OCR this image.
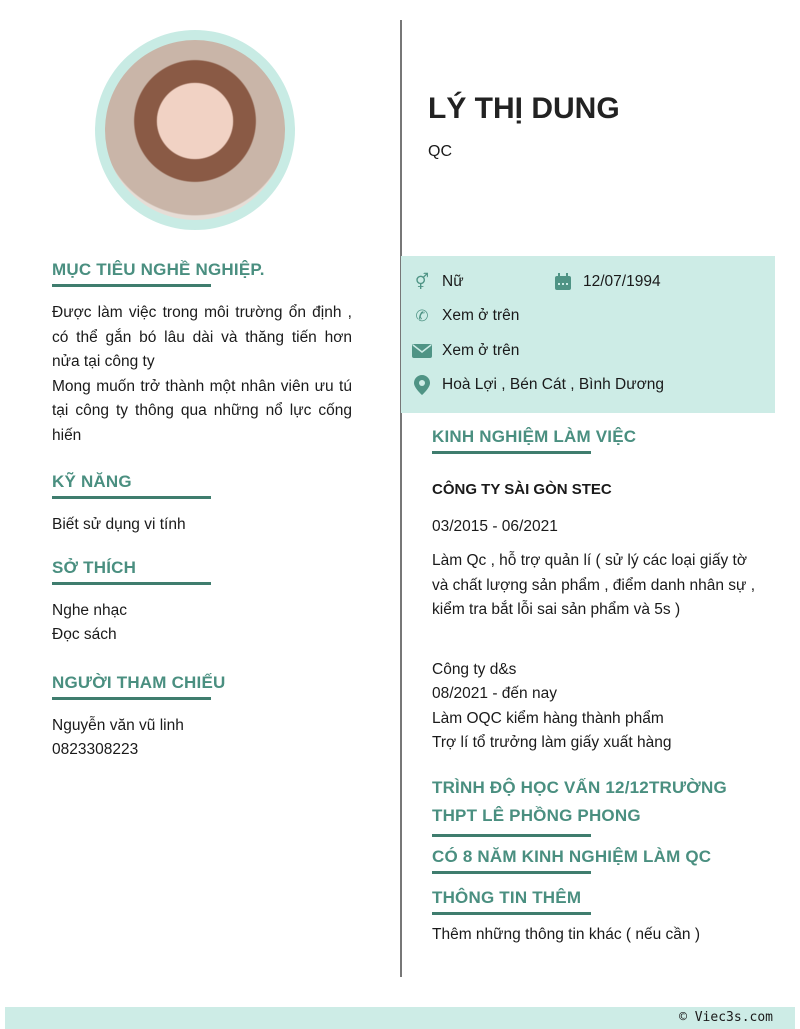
LÝ THỊ DUNG
QC
⚥ Nữ	12/07/1994
✆ Xem ở trên
Xem ở trên
Hoà Lợi , Bén Cát , Bình Dương
MỤC TIÊU NGHỀ NGHIỆP.
Được làm việc trong môi trường ổn định , có thể gắn bó lâu dài và thăng tiến hơn nửa tại công ty
Mong muốn trở thành một nhân viên ưu tú tại công ty thông qua những nổ lực cống hiến
KỸ NĂNG
Biết sử dụng vi tính
SỞ THÍCH
Nghe nhạc
Đọc sách
NGƯỜI THAM CHIẾU
Nguyễn văn vũ linh
0823308223
KINH NGHIỆM LÀM VIỆC
CÔNG TY SÀI GÒN STEC
03/2015 - 06/2021
Làm Qc , hỗ trợ quản lí ( sử lý các loại giấy tờ và chất lượng sản phẩm , điểm danh nhân sự , kiểm tra bắt lỗi sai sản phẩm và 5s )
Công ty d&s
08/2021 - đến nay
Làm OQC kiểm hàng thành phẩm
Trợ lí tổ trưởng làm giấy xuất hàng
TRÌNH ĐỘ HỌC VẤN 12/12TRƯỜNG THPT LÊ PHỒNG PHONG
CÓ 8 NĂM KINH NGHIỆM LÀM QC
THÔNG TIN THÊM
Thêm những thông tin khác ( nếu cần )
© Viec3s.com
